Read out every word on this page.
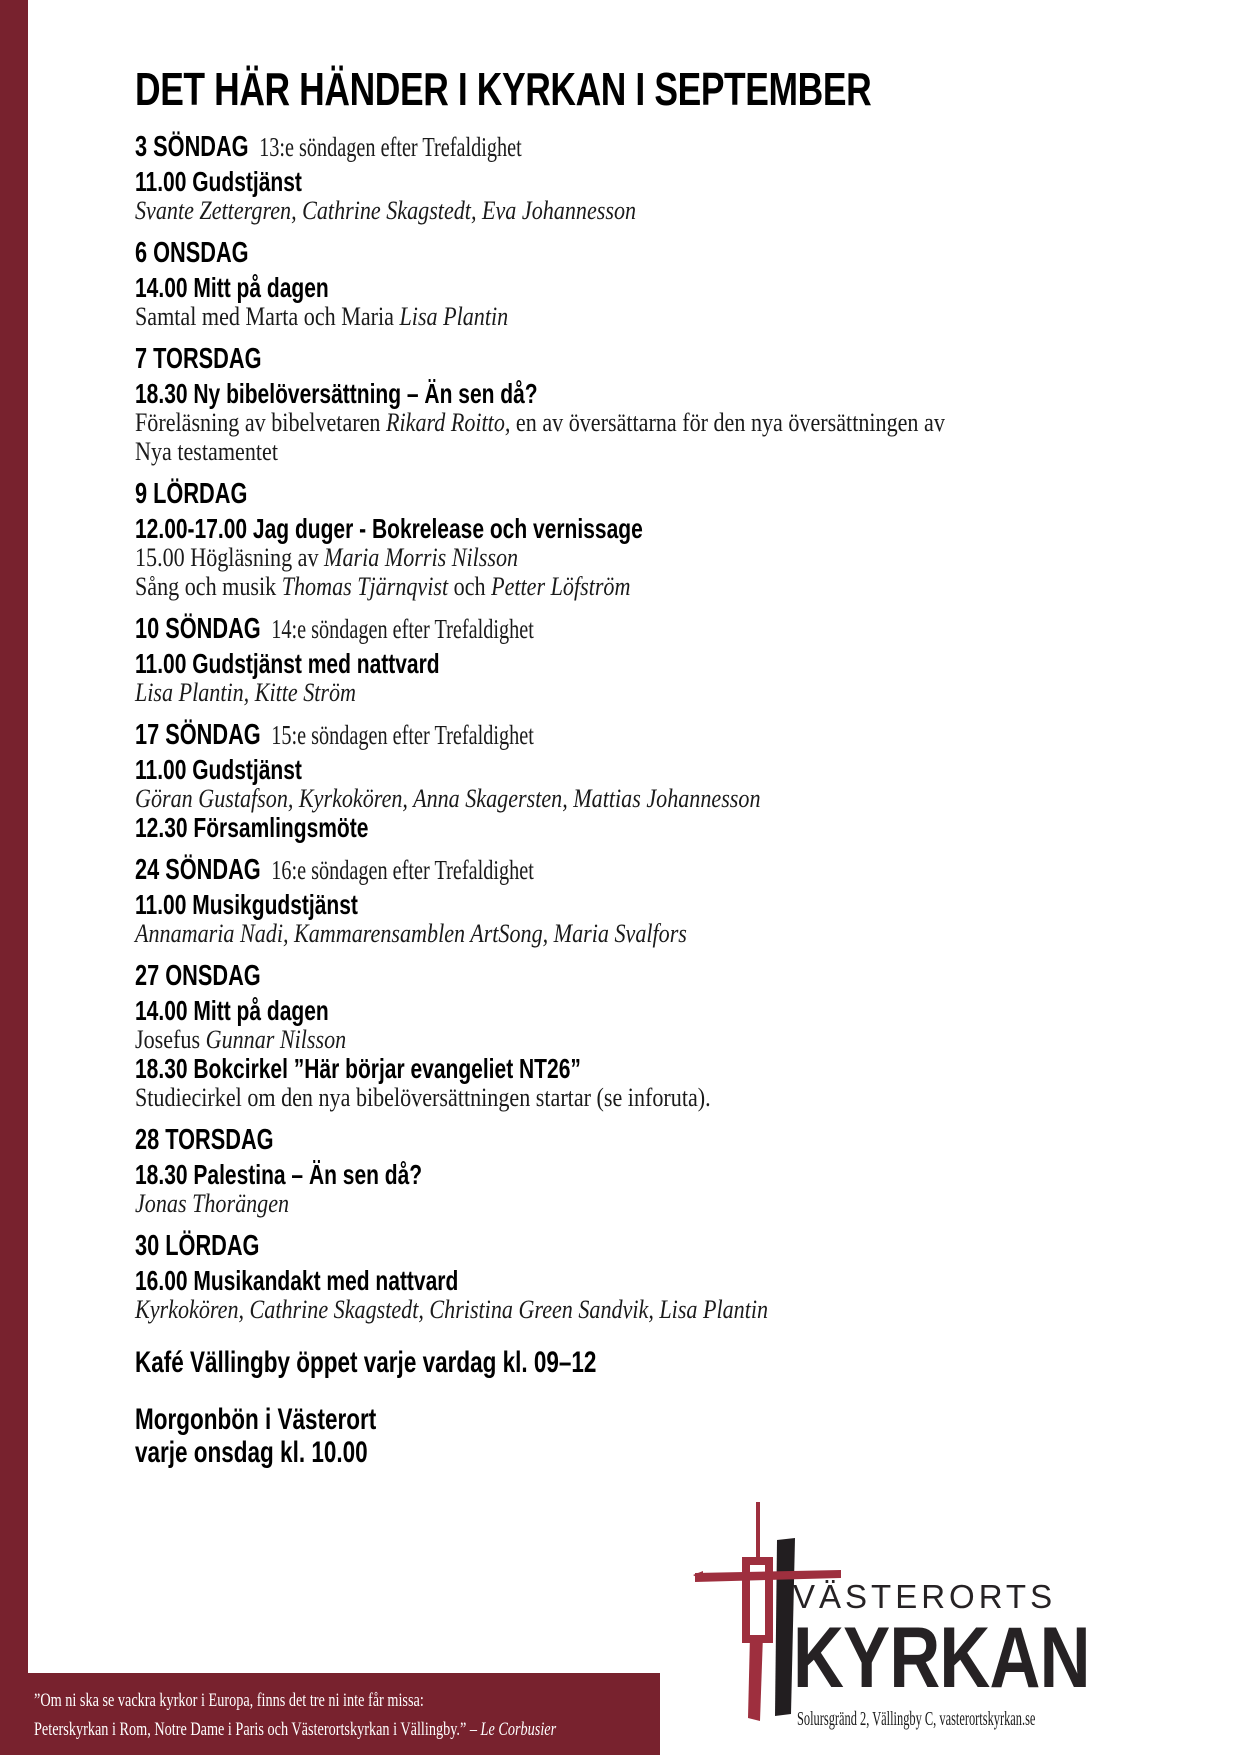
DET HÄR HÄNDER I KYRKAN I SEPTEMBER
3 SÖNDAG 13:e söndagen efter Trefaldighet
11.00 Gudstjänst
Svante Zettergren, Cathrine Skagstedt, Eva Johannesson
6 ONSDAG
14.00 Mitt på dagen
Samtal med Marta och Maria Lisa Plantin
7 TORSDAG
18.30 Ny bibelöversättning – Än sen då?
Föreläsning av bibelvetaren Rikard Roitto, en av översättarna för den nya översättningen av Nya testamentet
9 LÖRDAG
12.00-17.00 Jag duger - Bokrelease och vernissage
15.00 Högläsning av Maria Morris Nilsson
Sång och musik Thomas Tjärnqvist och Petter Löfström
10 SÖNDAG 14:e söndagen efter Trefaldighet
11.00 Gudstjänst med nattvard
Lisa Plantin, Kitte Ström
17 SÖNDAG 15:e söndagen efter Trefaldighet
11.00 Gudstjänst
Göran Gustafson, Kyrkokören, Anna Skagersten, Mattias Johannesson
12.30 Församlingsmöte
24 SÖNDAG 16:e söndagen efter Trefaldighet
11.00 Musikgudstjänst
Annamaria Nadi, Kammarensamblen ArtSong, Maria Svalfors
27 ONSDAG
14.00 Mitt på dagen
Josefus Gunnar Nilsson
18.30 Bokcirkel ”Här börjar evangeliet NT26”
Studiecirkel om den nya bibelöversättningen startar (se inforuta).
28 TORSDAG
18.30 Palestina – Än sen då?
Jonas Thorängen
30 LÖRDAG
16.00 Musikandakt med nattvard
Kyrkokören, Cathrine Skagstedt, Christina Green Sandvik, Lisa Plantin
Kafé Vällingby öppet varje vardag kl. 09–12
Morgonbön i Västerort
varje onsdag kl. 10.00
”Om ni ska se vackra kyrkor i Europa, finns det tre ni inte får missa:
Peterskyrkan i Rom, Notre Dame i Paris och Västerortskyrkan i Vällingby.” – Le Corbusier
VÄSTERORTS
KYRKAN
Solursgränd 2, Vällingby C, vasterortskyrkan.se
